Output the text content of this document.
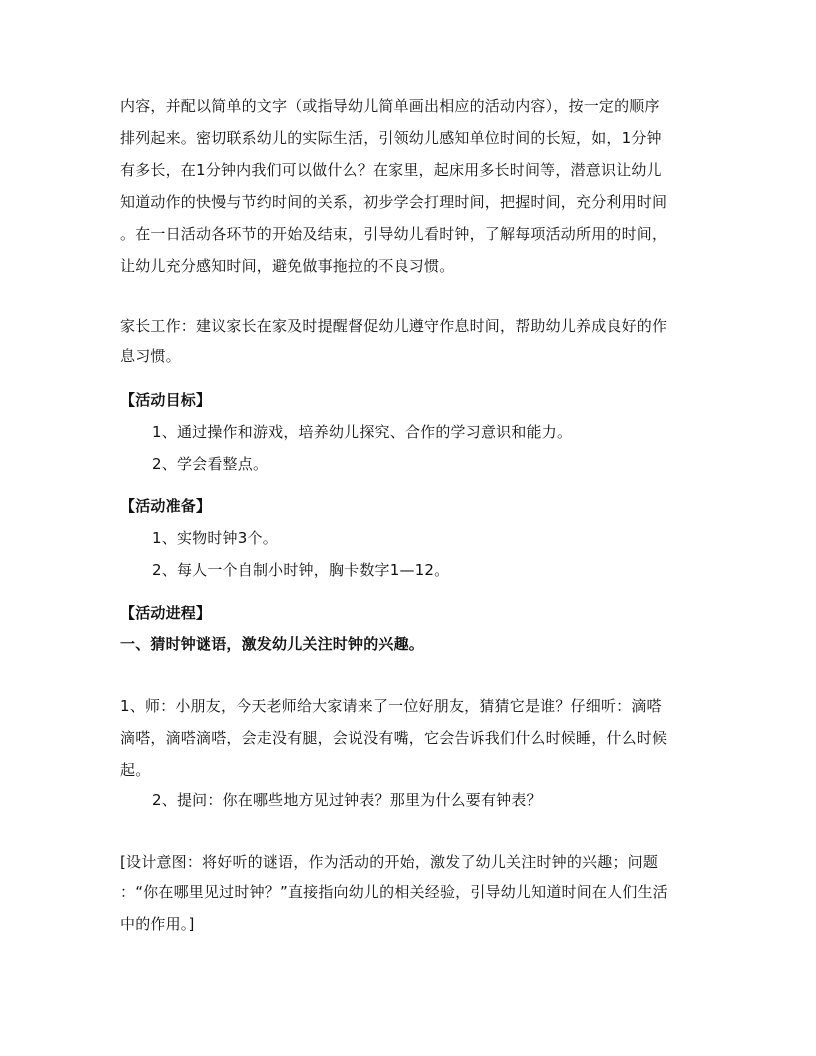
内容，并配以简单的文字（或指导幼儿简单画出相应的活动内容），按一定的顺序
排列起来。密切联系幼儿的实际生活，引领幼儿感知单位时间的长短，如，1分钟
有多长，在1分钟内我们可以做什么？在家里，起床用多长时间等，潜意识让幼儿
知道动作的快慢与节约时间的关系，初步学会打理时间，把握时间，充分利用时间
。在一日活动各环节的开始及结束，引导幼儿看时钟，了解每项活动所用的时间，
让幼儿充分感知时间，避免做事拖拉的不良习惯。
家长工作：建议家长在家及时提醒督促幼儿遵守作息时间，帮助幼儿养成良好的作
息习惯。
【活动目标】
1、通过操作和游戏，培养幼儿探究、合作的学习意识和能力。
2、学会看整点。
【活动准备】
1、实物时钟3个。
2、每人一个自制小时钟，胸卡数字1—12。
【活动进程】
一、猜时钟谜语，激发幼儿关注时钟的兴趣。
1、师：小朋友，今天老师给大家请来了一位好朋友，猜猜它是谁？仔细听：滴嗒
滴嗒，滴嗒滴嗒，会走没有腿，会说没有嘴，它会告诉我们什么时候睡，什么时候
起。
2、提问：你在哪些地方见过钟表？那里为什么要有钟表？
[设计意图：将好听的谜语，作为活动的开始，激发了幼儿关注时钟的兴趣；问题
：“你在哪里见过时钟？”直接指向幼儿的相关经验，引导幼儿知道时间在人们生活
中的作用。]
